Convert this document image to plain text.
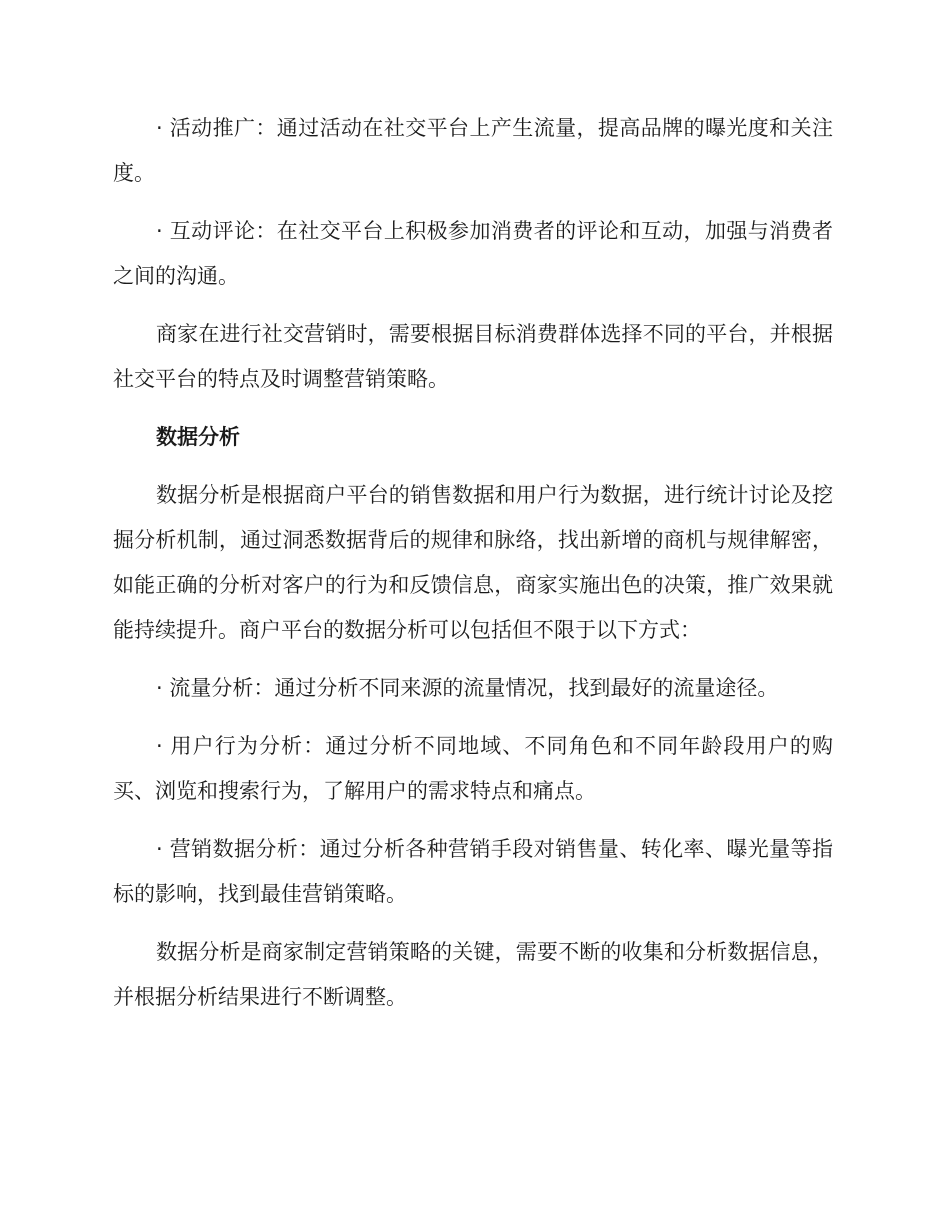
· 活动推广：通过活动在社交平台上产生流量，提高品牌的曝光度和关注度。

· 互动评论：在社交平台上积极参加消费者的评论和互动，加强与消费者之间的沟通。

商家在进行社交营销时，需要根据目标消费群体选择不同的平台，并根据社交平台的特点及时调整营销策略。

数据分析

数据分析是根据商户平台的销售数据和用户行为数据，进行统计讨论及挖掘分析机制，通过洞悉数据背后的规律和脉络，找出新增的商机与规律解密，如能正确的分析对客户的行为和反馈信息，商家实施出色的决策，推广效果就能持续提升。商户平台的数据分析可以包括但不限于以下方式：

· 流量分析：通过分析不同来源的流量情况，找到最好的流量途径。

· 用户行为分析：通过分析不同地域、不同角色和不同年龄段用户的购买、浏览和搜索行为，了解用户的需求特点和痛点。

· 营销数据分析：通过分析各种营销手段对销售量、转化率、曝光量等指标的影响，找到最佳营销策略。

数据分析是商家制定营销策略的关键，需要不断的收集和分析数据信息，并根据分析结果进行不断调整。
